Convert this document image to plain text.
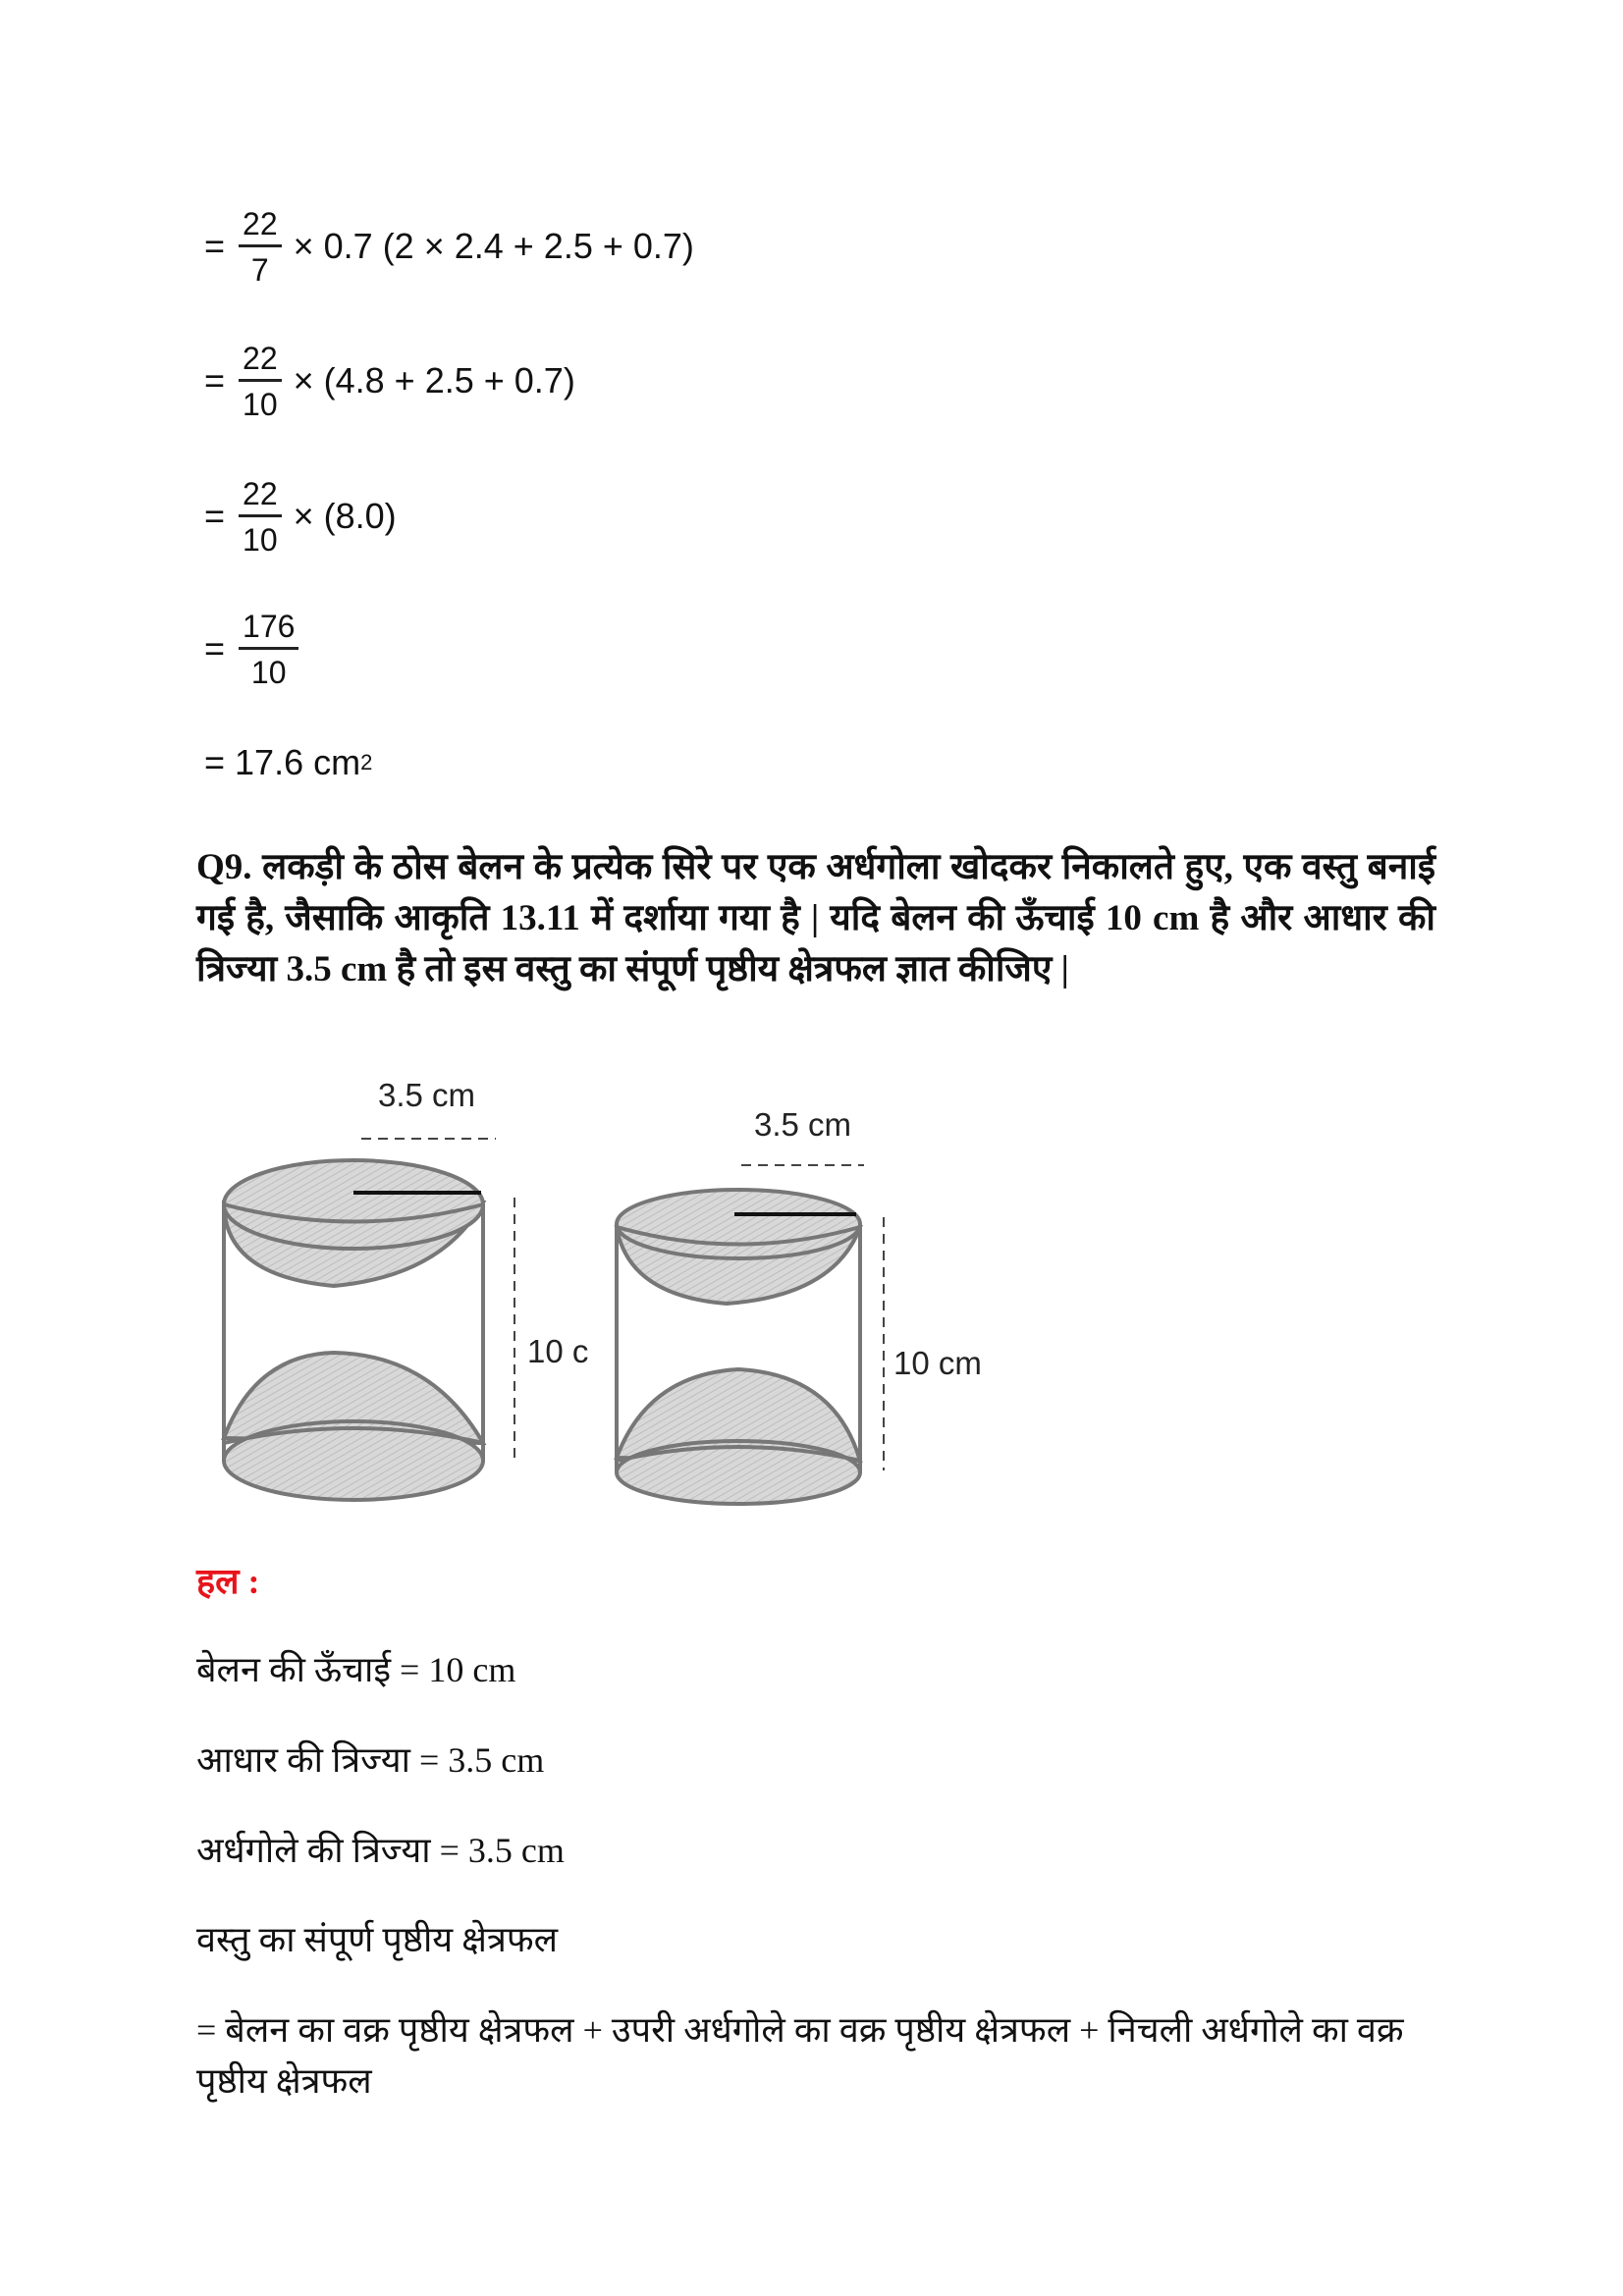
= $\frac{22}{7} \times 0.7$ (2 × 2.4 + 2.5 + 0.7)
= $\frac{22}{10} \times (4.8 + 2.5 + 0.7)$
= $\frac{22}{10} \times (8.0)$
= $\frac{176}{10}$
= 17.6 cm 2
Q9. लकड़ी के ठोस बेलन के प्रत्येक सिरे पर एक अर्धगोला खोदकर निकालते हुए, एक वस्तु बनाई गई है, जैसाकि आकृति 13.11 में दर्शाया गया है | यदि बेलन की ऊँचाई 10 cm है और आधार की त्रिज्या 3.5 cm है तो इस वस्तु का संपूर्ण पृष्ठीय क्षेत्रफल ज्ञात कीजिए |
3.5 cm
10 c
3.5 cm
10 cm
हल :
बेलन की ऊँचाई = 10 cm
आधार की त्रिज्या = 3.5 cm
अर्धगोले की त्रिज्या = 3.5 cm
वस्तु का संपूर्ण पृष्ठीय क्षेत्रफल
= बेलन का वक्र पृष्ठीय क्षेत्रफल + उपरी अर्धगोले का वक्र पृष्ठीय क्षेत्रफल + निचली अर्धगोले का वक्र पृष्ठीय क्षेत्रफल
